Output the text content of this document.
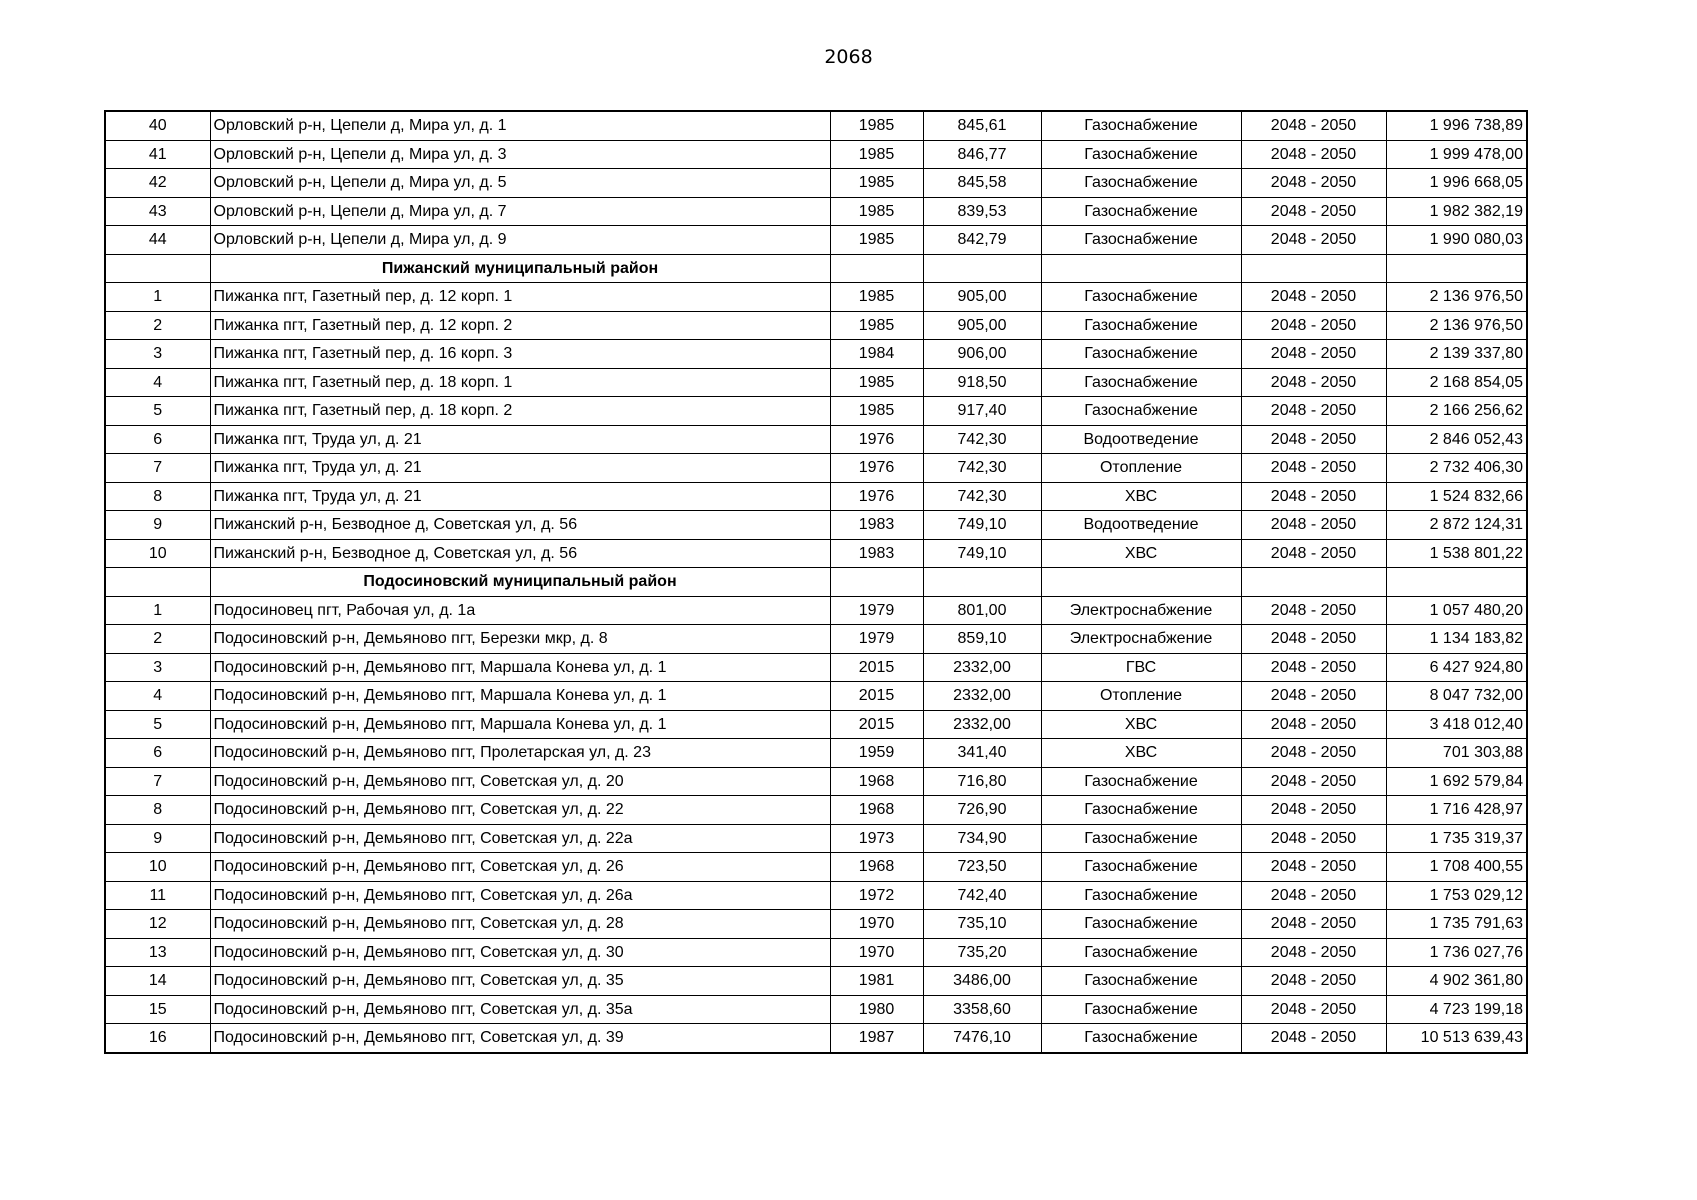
2068
40	Орловский р-н, Цепели д, Мира ул, д. 1	1985	845,61	Газоснабжение	2048 - 2050	1 996 738,89
41	Орловский р-н, Цепели д, Мира ул, д. 3	1985	846,77	Газоснабжение	2048 - 2050	1 999 478,00
42	Орловский р-н, Цепели д, Мира ул, д. 5	1985	845,58	Газоснабжение	2048 - 2050	1 996 668,05
43	Орловский р-н, Цепели д, Мира ул, д. 7	1985	839,53	Газоснабжение	2048 - 2050	1 982 382,19
44	Орловский р-н, Цепели д, Мира ул, д. 9	1985	842,79	Газоснабжение	2048 - 2050	1 990 080,03
	Пижанский муниципальный район					
1	Пижанка пгт, Газетный пер, д. 12 корп. 1	1985	905,00	Газоснабжение	2048 - 2050	2 136 976,50
2	Пижанка пгт, Газетный пер, д. 12 корп. 2	1985	905,00	Газоснабжение	2048 - 2050	2 136 976,50
3	Пижанка пгт, Газетный пер, д. 16 корп. 3	1984	906,00	Газоснабжение	2048 - 2050	2 139 337,80
4	Пижанка пгт, Газетный пер, д. 18 корп. 1	1985	918,50	Газоснабжение	2048 - 2050	2 168 854,05
5	Пижанка пгт, Газетный пер, д. 18 корп. 2	1985	917,40	Газоснабжение	2048 - 2050	2 166 256,62
6	Пижанка пгт, Труда ул, д. 21	1976	742,30	Водоотведение	2048 - 2050	2 846 052,43
7	Пижанка пгт, Труда ул, д. 21	1976	742,30	Отопление	2048 - 2050	2 732 406,30
8	Пижанка пгт, Труда ул, д. 21	1976	742,30	ХВС	2048 - 2050	1 524 832,66
9	Пижанский р-н, Безводное д, Советская ул, д. 56	1983	749,10	Водоотведение	2048 - 2050	2 872 124,31
10	Пижанский р-н, Безводное д, Советская ул, д. 56	1983	749,10	ХВС	2048 - 2050	1 538 801,22
	Подосиновский муниципальный район					
1	Подосиновец пгт, Рабочая ул, д. 1а	1979	801,00	Электроснабжение	2048 - 2050	1 057 480,20
2	Подосиновский р-н, Демьяново пгт, Березки мкр, д. 8	1979	859,10	Электроснабжение	2048 - 2050	1 134 183,82
3	Подосиновский р-н, Демьяново пгт, Маршала Конева ул, д. 1	2015	2332,00	ГВС	2048 - 2050	6 427 924,80
4	Подосиновский р-н, Демьяново пгт, Маршала Конева ул, д. 1	2015	2332,00	Отопление	2048 - 2050	8 047 732,00
5	Подосиновский р-н, Демьяново пгт, Маршала Конева ул, д. 1	2015	2332,00	ХВС	2048 - 2050	3 418 012,40
6	Подосиновский р-н, Демьяново пгт, Пролетарская ул, д. 23	1959	341,40	ХВС	2048 - 2050	701 303,88
7	Подосиновский р-н, Демьяново пгт, Советская ул, д. 20	1968	716,80	Газоснабжение	2048 - 2050	1 692 579,84
8	Подосиновский р-н, Демьяново пгт, Советская ул, д. 22	1968	726,90	Газоснабжение	2048 - 2050	1 716 428,97
9	Подосиновский р-н, Демьяново пгт, Советская ул, д. 22а	1973	734,90	Газоснабжение	2048 - 2050	1 735 319,37
10	Подосиновский р-н, Демьяново пгт, Советская ул, д. 26	1968	723,50	Газоснабжение	2048 - 2050	1 708 400,55
11	Подосиновский р-н, Демьяново пгт, Советская ул, д. 26а	1972	742,40	Газоснабжение	2048 - 2050	1 753 029,12
12	Подосиновский р-н, Демьяново пгт, Советская ул, д. 28	1970	735,10	Газоснабжение	2048 - 2050	1 735 791,63
13	Подосиновский р-н, Демьяново пгт, Советская ул, д. 30	1970	735,20	Газоснабжение	2048 - 2050	1 736 027,76
14	Подосиновский р-н, Демьяново пгт, Советская ул, д. 35	1981	3486,00	Газоснабжение	2048 - 2050	4 902 361,80
15	Подосиновский р-н, Демьяново пгт, Советская ул, д. 35а	1980	3358,60	Газоснабжение	2048 - 2050	4 723 199,18
16	Подосиновский р-н, Демьяново пгт, Советская ул, д. 39	1987	7476,10	Газоснабжение	2048 - 2050	10 513 639,43
